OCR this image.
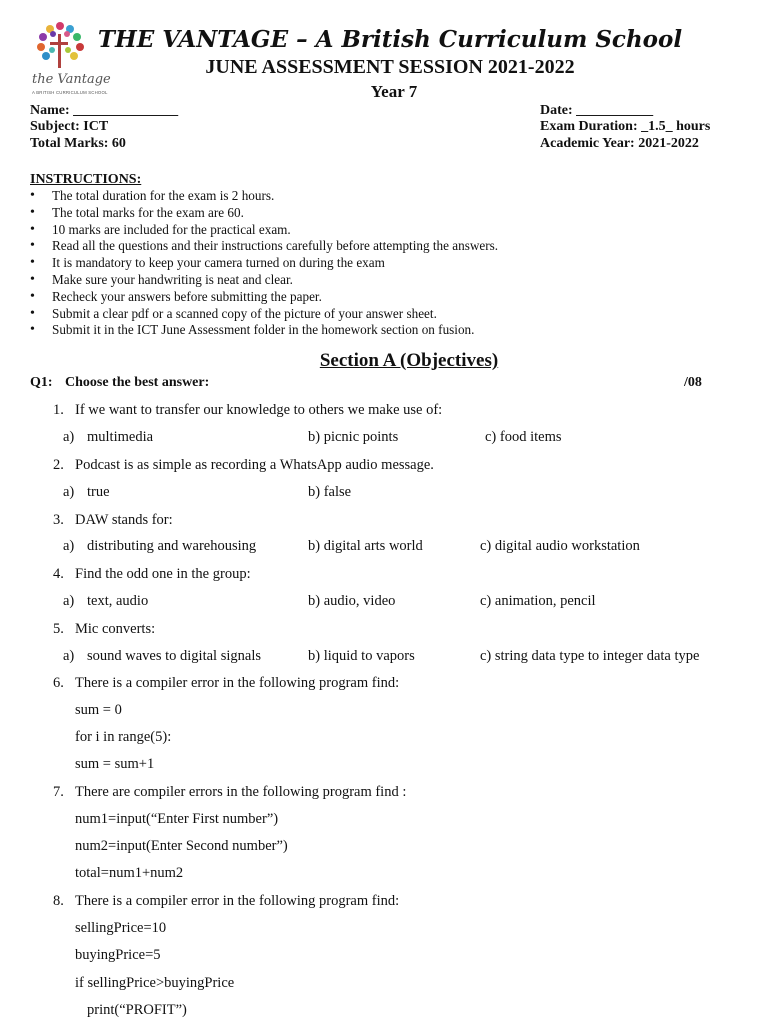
the Vantage
A BRITISH CURRICULUM SCHOOL
THE VANTAGE – A British Curriculum School
JUNE ASSESSMENT SESSION 2021-2022
Year 7
Name: _______________	Date: ___________
Subject: ICT	Exam Duration: _1.5_ hours
Total Marks: 60	Academic Year: 2021-2022
INSTRUCTIONS:
• The total duration for the exam is 2 hours.
• The total marks for the exam are 60.
• 10 marks are included for the practical exam.
• Read all the questions and their instructions carefully before attempting the answers.
• It is mandatory to keep your camera turned on during the exam
• Make sure your handwriting is neat and clear.
• Recheck your answers before submitting the paper.
• Submit a clear pdf or a scanned copy of the picture of your answer sheet.
• Submit it in the ICT June Assessment folder in the homework section on fusion.
Section A (Objectives)
Q1: Choose the best answer:	/08
1. If we want to transfer our knowledge to others we make use of:
a) multimedia	b) picnic points	c) food items
2. Podcast is as simple as recording a WhatsApp audio message.
a) true	b) false
3. DAW stands for:
a) distributing and warehousing	b) digital arts world	c) digital audio workstation
4. Find the odd one in the group:
a) text, audio	b) audio, video	c) animation, pencil
5. Mic converts:
a) sound waves to digital signals	b) liquid to vapors	c) string data type to integer data type
6. There is a compiler error in the following program find:
sum = 0
for i in range(5):
sum = sum+1
7. There are compiler errors in the following program find :
num1=input(“Enter First number”)
num2=input(Enter Second number”)
total=num1+num2
8. There is a compiler error in the following program find:
sellingPrice=10
buyingPrice=5
if sellingPrice>buyingPrice
print(“PROFIT”)
